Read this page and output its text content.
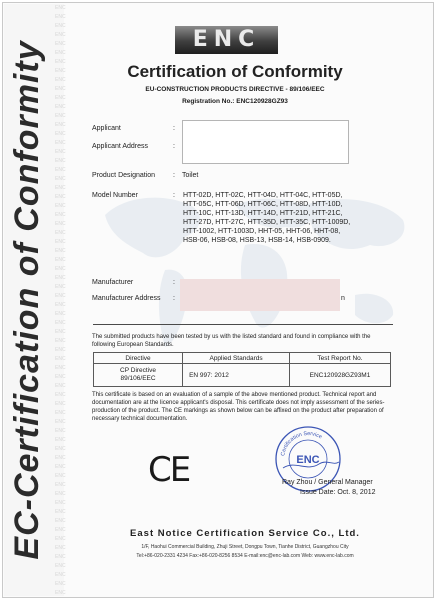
ENC
ENC
ENC
ENC
ENC
ENC
ENC
ENC
ENC
ENC
ENC
ENC
ENC
ENC
ENC
ENC
ENC
ENC
ENC
ENC
ENC
ENC
ENC
ENC
ENC
ENC
ENC
ENC
ENC
ENC
ENC
ENC
ENC
ENC
ENC
ENC
ENC
ENC
ENC
ENC
ENC
ENC
ENC
ENC
ENC
ENC
ENC
ENC
ENC
ENC
ENC
ENC
ENC
ENC
ENC
ENC
ENC
ENC
ENC
ENC
ENC
ENC
ENC
ENC
ENC
ENC
EC-Certification of Conformity
ENC
Certification of Conformity
EU-CONSTRUCTION PRODUCTS DIRECTIVE - 89/106/EEC
Registration No.: ENC120928GZ93
Applicant	:
Applicant Address	:
Product Designation	: Toilet
Model Number	: HTT-02D, HTT-02C, HTT-04D, HTT-04C, HTT-05D, HTT-05C, HTT-06D, HTT-06C, HTT-08D, HTT-10D, HTT-10C, HTT-13D, HTT-14D, HTT-21D, HTT-21C, HTT-27D, HTT-27C, HTT-35D, HTT-35C, HTT-1009D, HTT-1002, HTT-1003D, HHT-05, HHT-06, HHT-08, HSB-06, HSB-08, HSB-13, HSB-14, HSB-0909.
Manufacturer	:
Manufacturer Address :	n
The submitted products have been tested by us with the listed standard and found in compliance with the following European Standards.
Directive	Applied Standards	Test Report No.
CP Directive 89/106/EEC	EN 997: 2012	ENC120928GZ93M1
This certificate is based on an evaluation of a sample of the above mentioned product. Technical report and documentation are at the licence applicant's disposal. This certificate does not imply assessment of the series-production of the product. The CE markings as shown below can be affixed on the product after preparation of necessary technical documentation.
CE	Certification Service
ENC
Ray Zhou / General Manager
Issue Date: Oct. 8, 2012
East Notice Certification Service Co., Ltd.
1/F, Haohui Commercial Building, Zhuji Street, Dongpu Town, Tianhe District, Guangzhou City
Tel:+86-020-2331 4234 Fax:+86-020-8256 8534 E-mail:enc@enc-lab.com Web: www.enc-lab.com
